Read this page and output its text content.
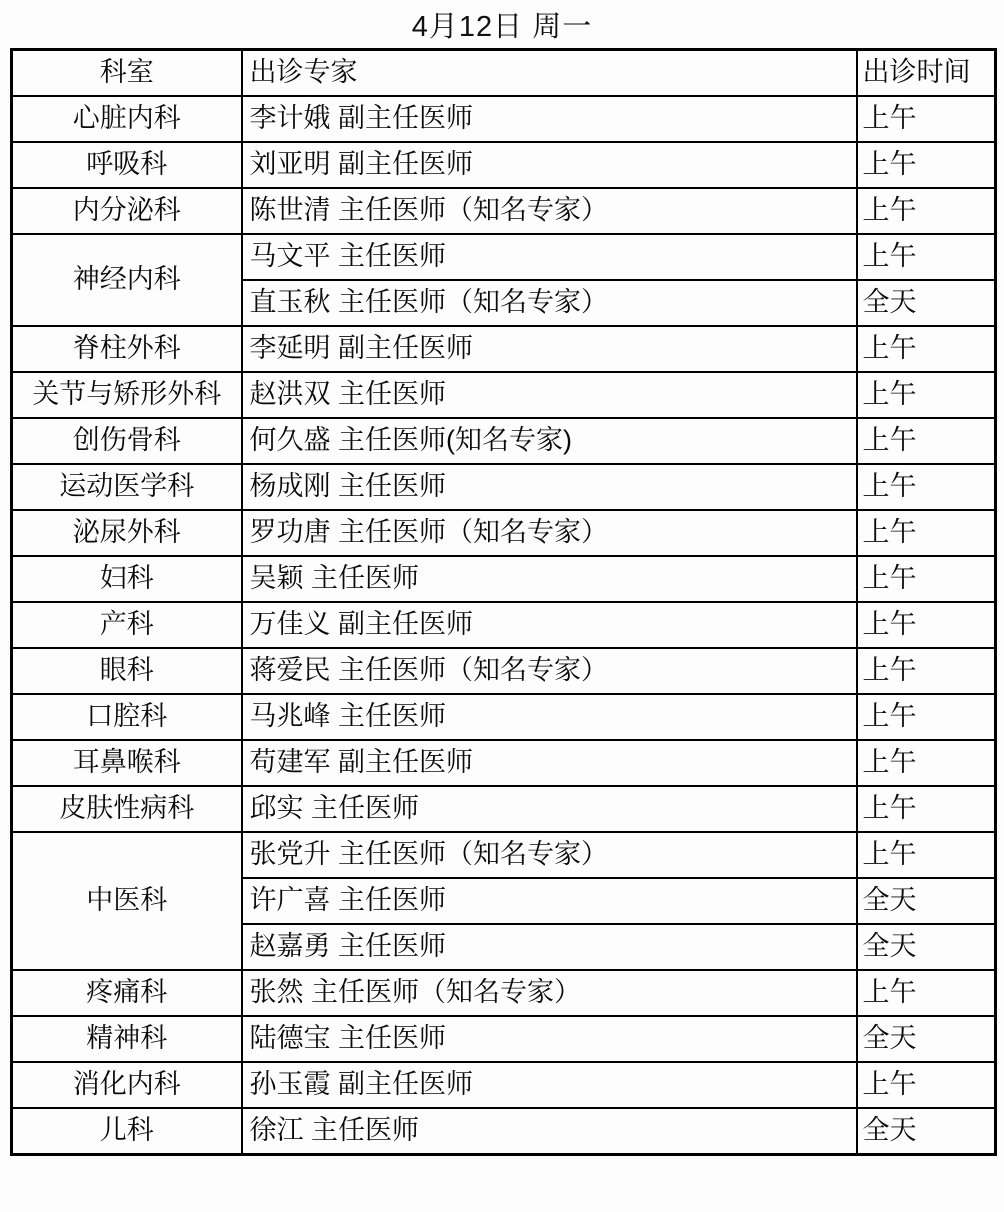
4月12日 周一
科室	出诊专家	出诊时间
心脏内科	李计娥 副主任医师	上午
呼吸科	刘亚明 副主任医师	上午
内分泌科	陈世清 主任医师（知名专家）	上午
神经内科	马文平 主任医师	上午
	直玉秋 主任医师（知名专家）	全天
脊柱外科	李延明 副主任医师	上午
关节与矫形外科	赵洪双 主任医师	上午
创伤骨科	何久盛 主任医师(知名专家)	上午
运动医学科	杨成刚 主任医师	上午
泌尿外科	罗功唐 主任医师（知名专家）	上午
妇科	吴颖 主任医师	上午
产科	万佳义 副主任医师	上午
眼科	蒋爱民 主任医师（知名专家）	上午
口腔科	马兆峰 主任医师	上午
耳鼻喉科	苟建军 副主任医师	上午
皮肤性病科	邱实 主任医师	上午
中医科	张党升 主任医师（知名专家）	上午
	许广喜 主任医师	全天
	赵嘉勇 主任医师	全天
疼痛科	张然 主任医师（知名专家）	上午
精神科	陆德宝 主任医师	全天
消化内科	孙玉霞 副主任医师	上午
儿科	徐江 主任医师	全天
